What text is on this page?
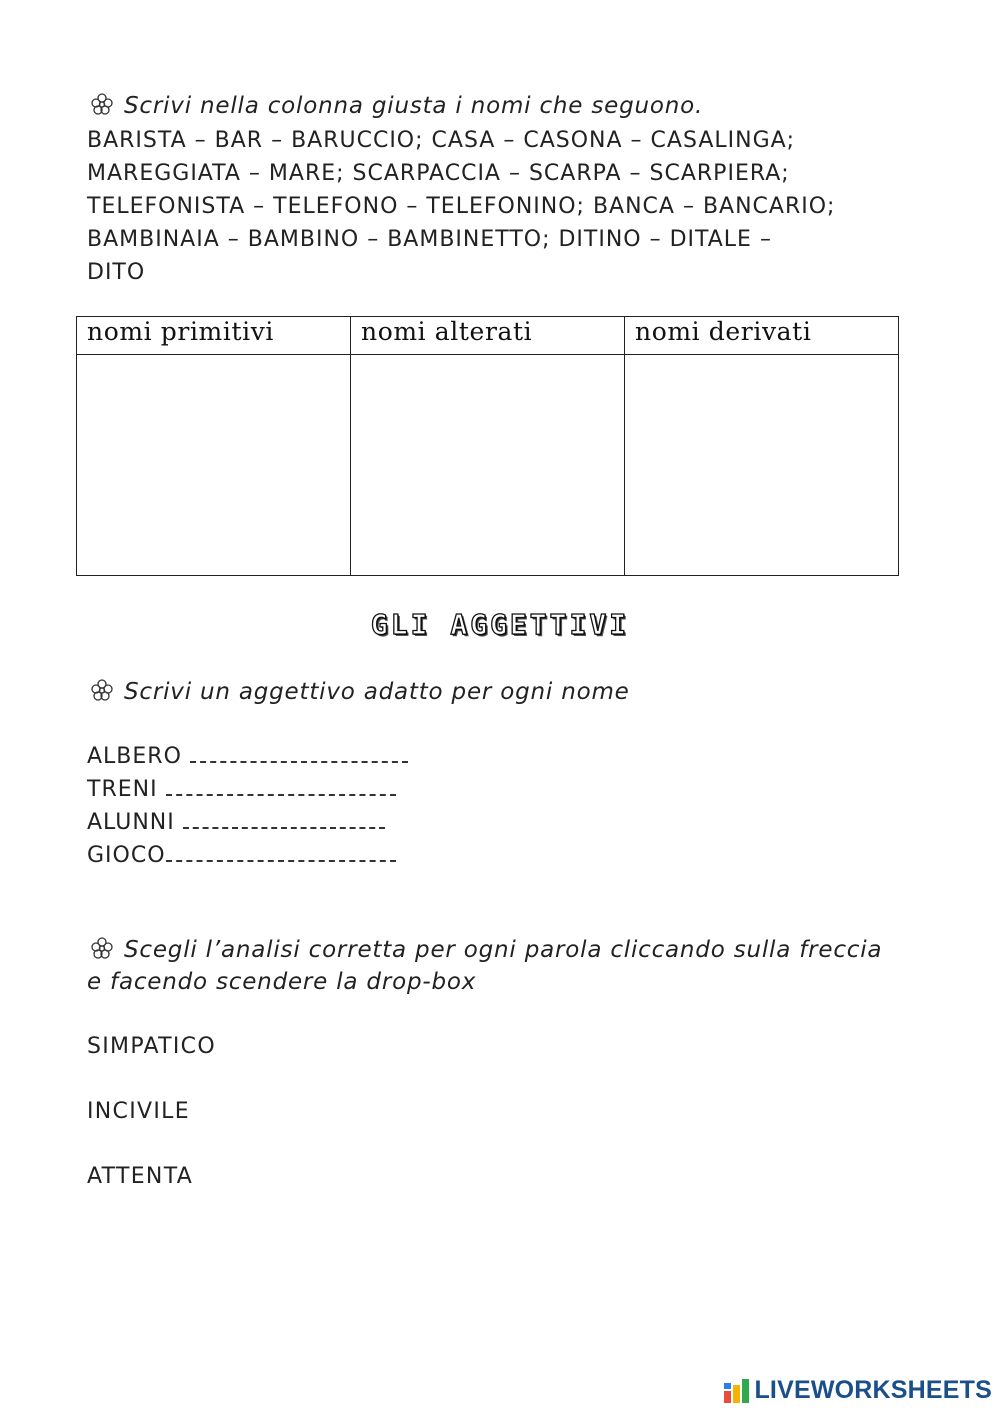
Scrivi nella colonna giusta i nomi che seguono.
BARISTA – BAR – BARUCCIO; CASA – CASONA – CASALINGA;
MAREGGIATA – MARE; SCARPACCIA – SCARPA – SCARPIERA;
TELEFONISTA – TELEFONO – TELEFONINO; BANCA – BANCARIO;
BAMBINAIA – BAMBINO – BAMBINETTO; DITINO – DITALE –
DITO
nomi primitivi	nomi alterati	nomi derivati

GLI AGGETTIVI
Scrivi un aggettivo adatto per ogni nome
ALBERO
TRENI
ALUNNI
GIOCO
Scegli l’analisi corretta per ogni parola cliccando sulla freccia
e facendo scendere la drop-box
SIMPATICO
INCIVILE
ATTENTA
LIVEWORKSHEETS
